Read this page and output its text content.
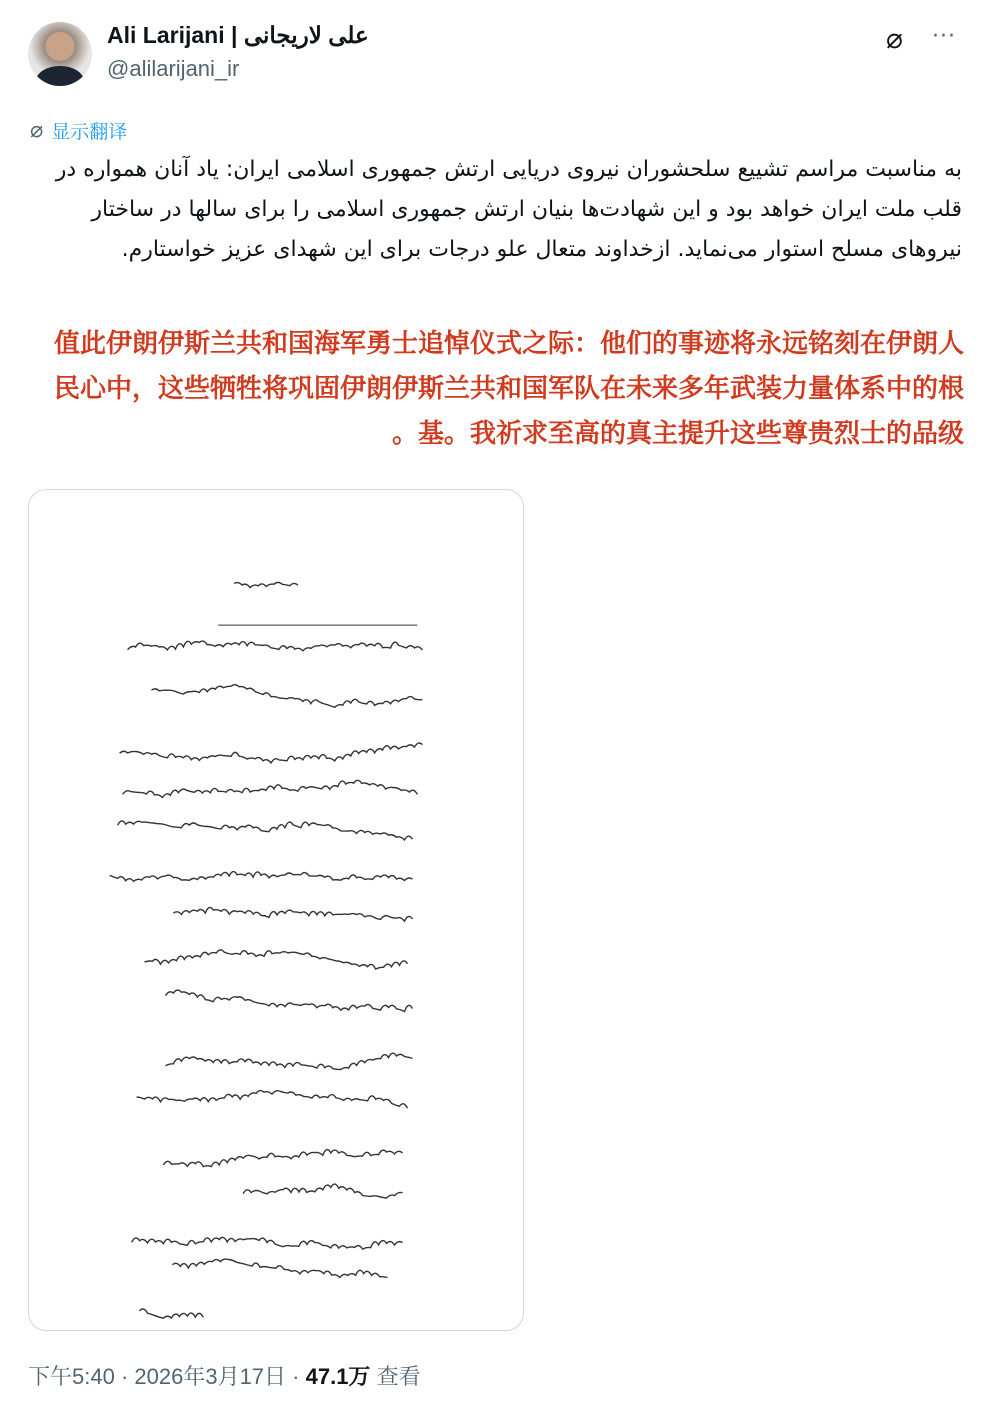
Ali Larijani | علی لاریجانی
@alilarijani_ir
⌀ ···
⌀ 显示翻译
به مناسبت مراسم تشییع سلحشوران نیروی دریایی ارتش جمهوری اسلامی ایران: یاد آنان همواره در قلب ملت ایران خواهد بود و این شهادت‌ها بنیان ارتش جمهوری اسلامی را برای سالها در ساختار نیروهای مسلح استوار می‌نماید. ازخداوند متعال علو درجات برای این شهدای عزیز خواستارم.
值此伊朗伊斯兰共和国海军勇士追悼仪式之际：他们的事迹将永远铭刻在伊朗人民心中，这些牺牲将巩固伊朗伊斯兰共和国军队在未来多年武装力量体系中的根基。我祈求至高的真主提升这些尊贵烈士的品级。
下午5:40 · 2026年3月17日 · 47.1万 查看
